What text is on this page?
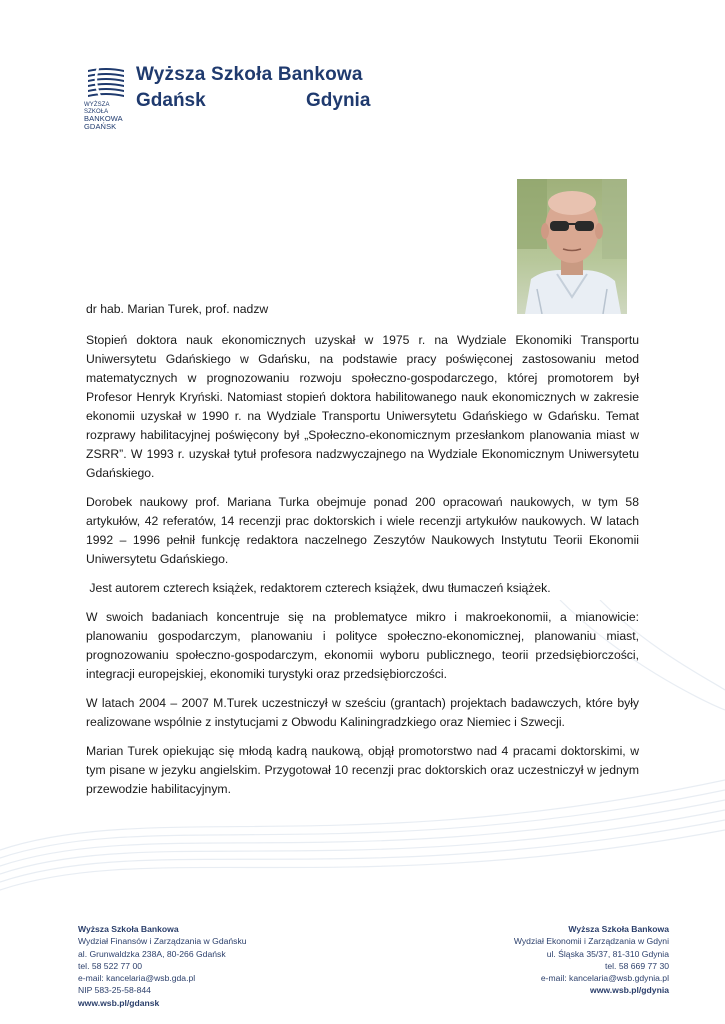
WYŻSZA SZKOŁA
BANKOWA
GDAŃSK
Wyższa Szkoła Bankowa
Gdańsk	Gdynia

dr hab. Marian Turek, prof. nadzw

Stopień doktora nauk ekonomicznych uzyskał w 1975 r. na Wydziale Ekonomiki Transportu Uniwersytetu Gdańskiego w Gdańsku, na podstawie pracy poświęconej zastosowaniu metod matematycznych w prognozowaniu rozwoju społeczno-gospodarczego, której promotorem był Profesor Henryk Kryński. Natomiast stopień doktora habilitowanego nauk ekonomicznych w zakresie ekonomii uzyskał w 1990 r. na Wydziale Transportu Uniwersytetu Gdańskiego w Gdańsku. Temat rozprawy habilitacyjnej poświęcony był „Społeczno-ekonomicznym przesłankom planowania miast w ZSRR”. W 1993 r. uzyskał tytuł profesora nadzwyczajnego na Wydziale Ekonomicznym Uniwersytetu Gdańskiego.

Dorobek naukowy prof. Mariana Turka obejmuje ponad 200 opracowań naukowych, w tym 58 artykułów, 42 referatów, 14 recenzji prac doktorskich i wiele recenzji artykułów naukowych. W latach 1992 – 1996 pełnił funkcję redaktora naczelnego Zeszytów Naukowych Instytutu Teorii Ekonomii Uniwersytetu Gdańskiego.

Jest autorem czterech książek, redaktorem czterech książek, dwu tłumaczeń książek.

W swoich badaniach koncentruje się na problematyce mikro i makroekonomii, a mianowicie: planowaniu gospodarczym, planowaniu i polityce społeczno-ekonomicznej, planowaniu miast, prognozowaniu społeczno-gospodarczym, ekonomii wyboru publicznego, teorii przedsiębiorczości, integracji europejskiej, ekonomiki turystyki oraz przedsiębiorczości.

W latach 2004 – 2007 M.Turek uczestniczył w sześciu (grantach) projektach badawczych, które były realizowane wspólnie z instytucjami z Obwodu Kaliningradzkiego oraz Niemiec i Szwecji.

Marian Turek opiekując się młodą kadrą naukową, objął promotorstwo nad 4 pracami doktorskimi, w tym pisane w jezyku angielskim. Przygotował 10 recenzji prac doktorskich oraz uczestniczył w jednym przewodzie habilitacyjnym.

Wyższa Szkoła Bankowa
Wydział Finansów i Zarządzania w Gdańsku
al. Grunwaldzka 238A, 80-266 Gdańsk
tel. 58 522 77 00
e-mail: kancelaria@wsb.gda.pl
NIP 583-25-58-844
www.wsb.pl/gdansk
Wyższa Szkoła Bankowa
Wydział Ekonomii i Zarządzania w Gdyni
ul. Śląska 35/37, 81-310 Gdynia
tel. 58 669 77 30
e-mail: kancelaria@wsb.gdynia.pl
www.wsb.pl/gdynia
